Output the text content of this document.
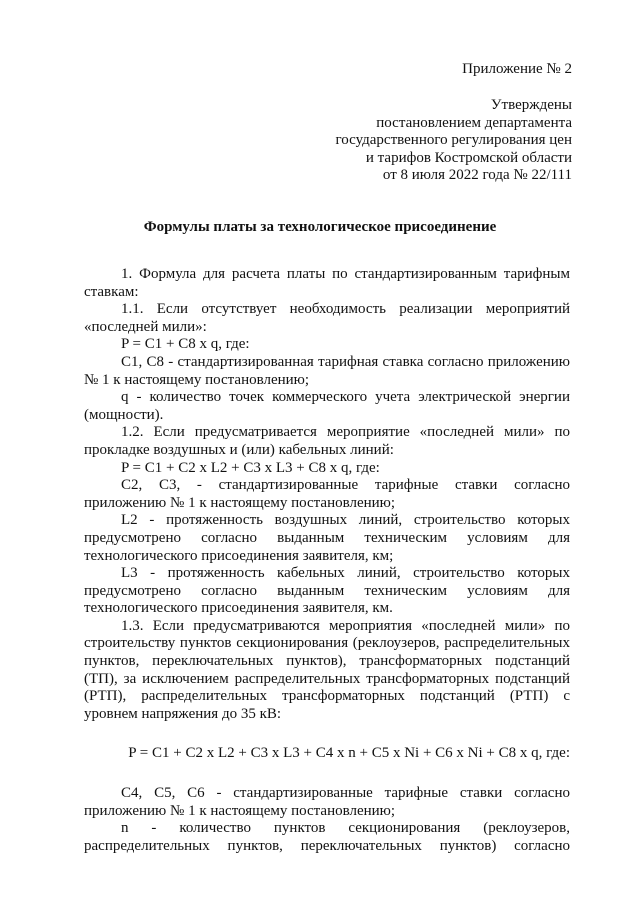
Приложение № 2
Утверждены
постановлением департамента
государственного регулирования цен
и тарифов Костромской области
от 8 июля 2022 года № 22/111
Формулы платы за технологическое присоединение

1. Формула для расчета платы по стандартизированным тарифным ставкам:

1.1. Если отсутствует необходимость реализации мероприятий «последней мили»:

P = C1 + C8 x q, где:

C1, C8 - стандартизированная тарифная ставка согласно приложению № 1 к настоящему постановлению;

q - количество точек коммерческого учета электрической энергии (мощности).

1.2. Если предусматривается мероприятие «последней мили» по прокладке воздушных и (или) кабельных линий:

P = C1 + C2 x L2 + C3 x L3 + C8 x q, где:

C2, C3, - стандартизированные тарифные ставки согласно приложению № 1 к настоящему постановлению;

L2 - протяженность воздушных линий, строительство которых предусмотрено согласно выданным техническим условиям для технологического присоединения заявителя, км;

L3 - протяженность кабельных линий, строительство которых предусмотрено согласно выданным техническим условиям для технологического присоединения заявителя, км.

1.3. Если предусматриваются мероприятия «последней мили» по строительству пунктов секционирования (реклоузеров, распределительных пунктов, переключательных пунктов), трансформаторных подстанций (ТП), за исключением распределительных трансформаторных подстанций (РТП), распределительных трансформаторных подстанций (РТП) с уровнем напряжения до 35 кВ:

P = C1 + C2 x L2 + C3 x L3 + C4 x n + C5 x Ni + C6 x Ni + C8 x q, где:

C4, C5, C6 - стандартизированные тарифные ставки согласно приложению № 1 к настоящему постановлению;

n - количество пунктов секционирования (реклоузеров, распределительных пунктов, переключательных пунктов) согласно
